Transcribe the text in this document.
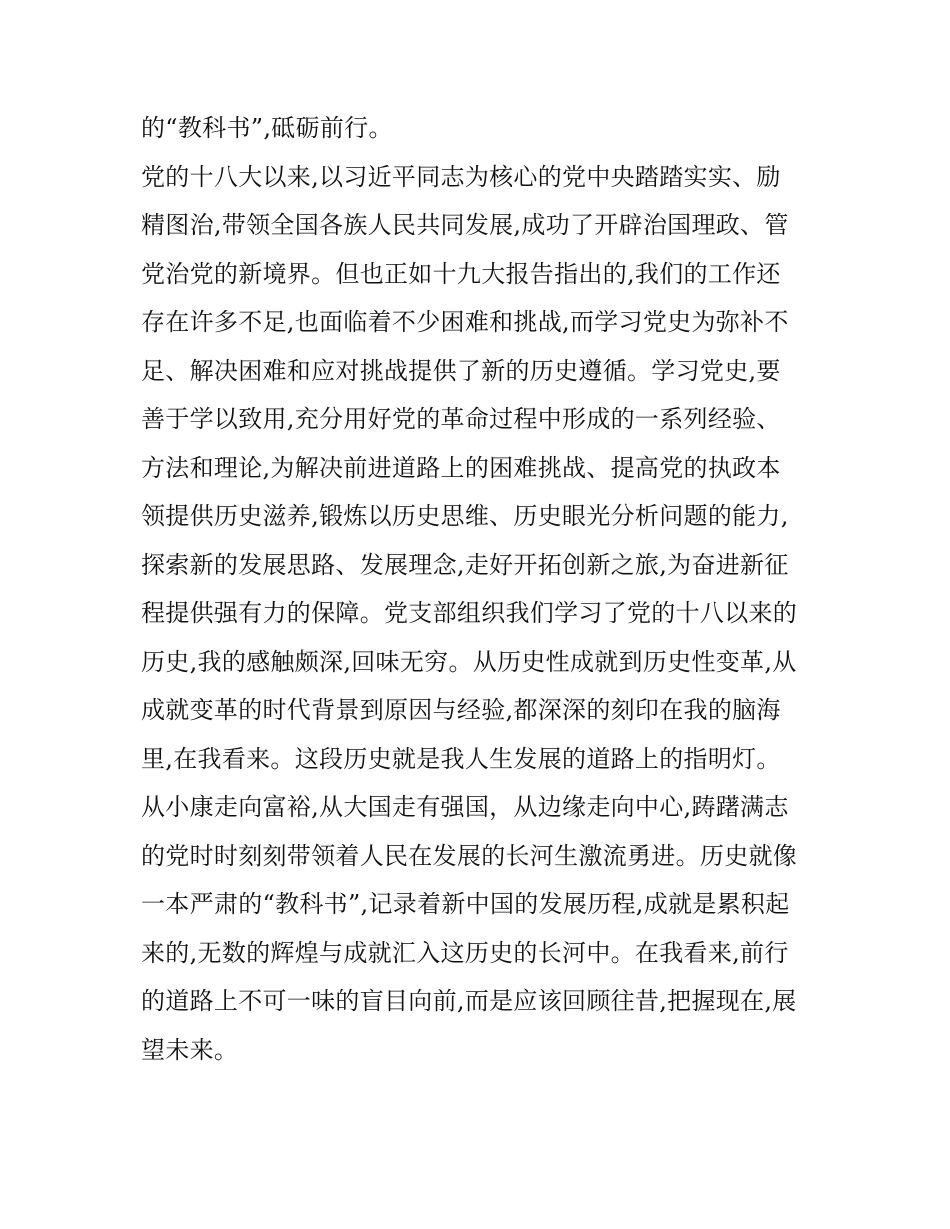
的“教科书”,砥砺前行。
党的十八大以来,以习近平同志为核心的党中央踏踏实实、励
精图治,带领全国各族人民共同发展,成功了开辟治国理政、管
党治党的新境界。但也正如十九大报告指出的,我们的工作还
存在许多不足,也面临着不少困难和挑战,而学习党史为弥补不
足、解决困难和应对挑战提供了新的历史遵循。学习党史,要
善于学以致用,充分用好党的革命过程中形成的一系列经验、
方法和理论,为解决前进道路上的困难挑战、提高党的执政本
领提供历史滋养,锻炼以历史思维、历史眼光分析问题的能力,
探索新的发展思路、发展理念,走好开拓创新之旅,为奋进新征
程提供强有力的保障。党支部组织我们学习了党的十八以来的
历史,我的感触颇深,回味无穷。从历史性成就到历史性变革,从
成就变革的时代背景到原因与经验,都深深的刻印在我的脑海
里,在我看来。这段历史就是我人生发展的道路上的指明灯。
从小康走向富裕,从大国走有强国，从边缘走向中心,踌躇满志
的党时时刻刻带领着人民在发展的长河生激流勇进。历史就像
一本严肃的“教科书”,记录着新中国的发展历程,成就是累积起
来的,无数的辉煌与成就汇入这历史的长河中。在我看来,前行
的道路上不可一味的盲目向前,而是应该回顾往昔,把握现在,展
望未来。
